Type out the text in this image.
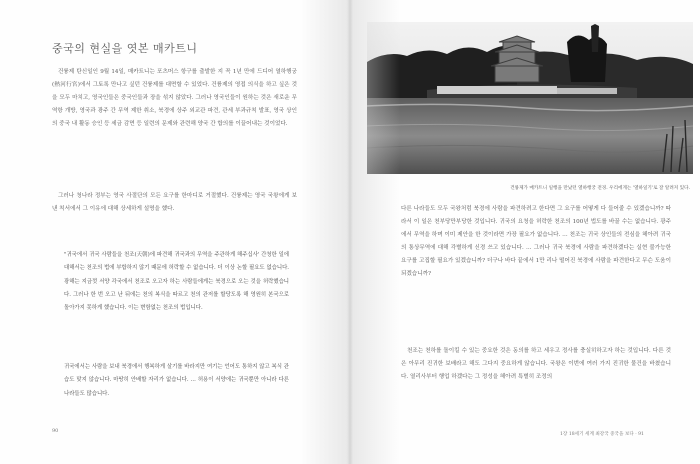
중국의 현실을 엿본 매카트니

건륭제 탄신일인 9월 14일, 매카트니는 포츠머스 항구를 출발한 지 꼭 1년 만에 드디어 열하행궁(熱河行宮)에서 그토록 만나고 싶던 건륭제를 대면할 수 있었다. 건륭제의 영접 의식을 하고 싶은 것을 모두 마치고, 영국인들은 중국인들과 장을 섞지 않았다. 그러나 영국인들이 원하는 것은 새로운 무역항 개방, 영국과 광주 간 무역 제한 취소, 북경에 상주 외교관 파견, 관세 부과규칙 발표, 영국 상인의 중국 내 활동 승인 등 세금 감면 등 일련의 문제와 관련해 양국 간 합의를 이끌어내는 것이었다.

그러나 청나라 정부는 영국 사절단의 모든 요구를 한마디로 거절했다. 건륭제는 영국 국왕에게 보낸 칙서에서 그 이유에 대해 상세하게 설명을 했다.

"귀국에서 귀국 사람들을 천조(天朝)에 파견해 귀국과의 무역을 주관하게 해주십사' 간청한 일에 대해서는 천조의 법에 부합하지 않기 때문에 허락할 수 없습니다. 더 이상 논할 필요도 없습니다. 광해는 지금껏 서양 각국에서 천조로 오고자 하는 사람들에게는 북경으로 오는 것을 허락했습니다. 그러나 한 번 오고 난 뒤에는 천의 복식을 따르고 천의 관저를 할당도록 해 영원히 본국으로 돌아가지 못하게 했습니다. 이는 변함없는 천조의 법입니다.

귀국에서는 사람을 보내 북경에서 행복하게 살기를 바라지만 여기는 언어도 통하지 않고 복식 관습도 맞지 않습니다. 마땅히 안배할 자리가 없습니다. … 허용이 서양에는 귀국뿐만 아니라 다른 나라들도 많습니다.

90
건륭제가 매카트니 일행을 만났던 열하행궁 전경. 우리에게는 '열하일기'로 잘 알려져 있다.

다른 나라들도 모두 국왕처럼 북경에 사람을 파견하려고 한다면 그 요구를 어떻게 다 들어줄 수 있겠습니까? 따라서 이 일은 천부당만부당한 것입니다. 귀국의 요청을 허락한 천조의 100년 법도를 바꿀 수는 없습니다. 광주에서 무역을 하며 이미 제안을 한 것이라면 가장 필요가 없습니다. … 천조는 귀국 상인들의 전심을 헤아려 귀국의 통상무역에 대해 각별하게 신경 쓰고 있습니다. … 그러나 귀국 북경에 사람을 파견하겠다는 실현 불가능한 요구를 고집할 필요가 있겠습니까? 더구나 바다 끝에서 1만 리나 떨어진 북경에 사람을 파견한다고 무슨 도움이 되겠습니까?

천조는 천하를 돌이킬 수 있는 중요한 것은 동의를 하고 세우고 정사를 충실히하고자 하는 것입니다. 다른 것은 아무리 진귀한 보배라고 해도 그다지 중요하게 않습니다. 국왕은 이번에 여러 가지 진귀한 물건을 바쳤습니다. 열리사부터 행업 하겠다는 그 정성을 헤아려 특별히 조정의

1장 18세기 세계 최강국 중국을 보다 · 91
